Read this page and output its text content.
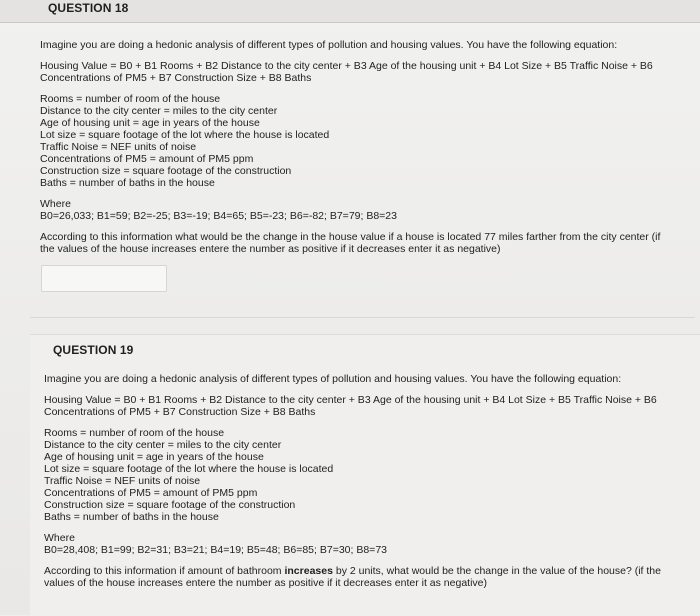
QUESTION 18
Imagine you are doing a hedonic analysis of different types of pollution and housing values. You have the following equation:
Housing Value = B0 + B1 Rooms + B2 Distance to the city center + B3 Age of the housing unit + B4 Lot Size + B5 Traffic Noise + B6
Concentrations of PM5 + B7 Construction Size + B8 Baths
Rooms = number of room of the house
Distance to the city center = miles to the city center
Age of housing unit = age in years of the house
Lot size = square footage of the lot where the house is located
Traffic Noise = NEF units of noise
Concentrations of PM5 = amount of PM5 ppm
Construction size = square footage of the construction
Baths = number of baths in the house
Where
B0=26,033; B1=59; B2=-25; B3=-19; B4=65; B5=-23; B6=-82; B7=79; B8=23
According to this information what would be the change in the house value if a house is located 77 miles farther from the city center (if
the values of the house increases entere the number as positive if it decreases enter it as negative)
QUESTION 19
Imagine you are doing a hedonic analysis of different types of pollution and housing values. You have the following equation:
Housing Value = B0 + B1 Rooms + B2 Distance to the city center + B3 Age of the housing unit + B4 Lot Size + B5 Traffic Noise + B6
Concentrations of PM5 + B7 Construction Size + B8 Baths
Rooms = number of room of the house
Distance to the city center = miles to the city center
Age of housing unit = age in years of the house
Lot size = square footage of the lot where the house is located
Traffic Noise = NEF units of noise
Concentrations of PM5 = amount of PM5 ppm
Construction size = square footage of the construction
Baths = number of baths in the house
Where
B0=28,408; B1=99; B2=31; B3=21; B4=19; B5=48; B6=85; B7=30; B8=73
According to this information if amount of bathroom increases by 2 units, what would be the change in the value of the house? (if the
values of the house increases entere the number as positive if it decreases enter it as negative)
